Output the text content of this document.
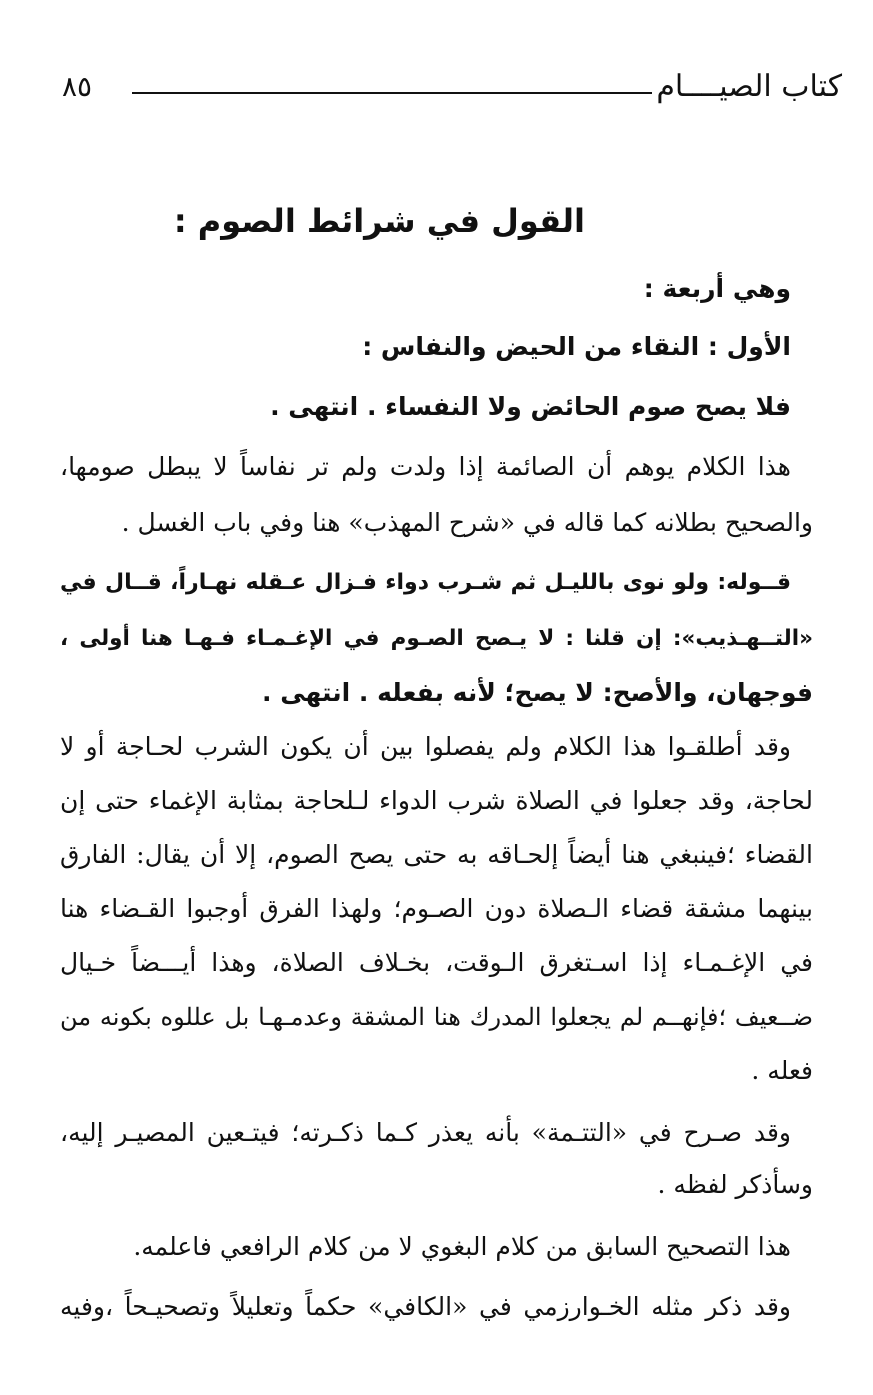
كتاب الصيــــام
٨٥
القول في شرائط الصوم :
وهي أربعة :
الأول : النقاء من الحيض والنفاس :
فلا يصح صوم الحائض ولا النفساء . انتهى .
هذا الكلام يوهم أن الصائمة إذا ولدت ولم تر نفاساً لا يبطل صومها،
والصحيح بطلانه كما قاله في «شرح المهذب» هنا وفي باب الغسل .
قــوله: ولو نوى بالليـل ثم شـرب دواء فـزال عـقله نهـاراً، قــال في
«التــهـذيب»: إن قلنا : لا يـصح الصـوم في الإغـمـاء فـهـا هنا أولى ،
فوجهان، والأصح: لا يصح؛ لأنه بفعله . انتهى .
وقد أطلقـوا هذا الكلام ولم يفصلوا بين أن يكون الشرب لحـاجة أو لا
لحاجة، وقد جعلوا في الصلاة شرب الدواء لـلحاجة بمثابة الإغماء حتى إن
القضاء ؛فينبغي هنا أيضاً إلحـاقه به حتى يصح الصوم، إلا أن يقال: الفارق
بينهما مشقة قضاء الـصلاة دون الصـوم؛ ولهذا الفرق أوجبوا القـضاء هنا
في الإغـمـاء إذا اسـتغرق الـوقت، بخـلاف الصلاة، وهذا أيـــضاً خـيال
ضــعيف ؛فإنهــم لم يجعلوا المدرك هنا المشقة وعدمـهـا بل عللوه بكونه من
فعله .
وقد صـرح في «التتـمة» بأنه يعذر كـما ذكـرته؛ فيتـعين المصيـر إليه،
وسأذكر لفظه .
هذا التصحيح السابق من كلام البغوي لا من كلام الرافعي فاعلمه.
وقد ذكر مثله الخـوارزمي في «الكافي» حكماً وتعليلاً وتصحيـحاً ،وفيه
